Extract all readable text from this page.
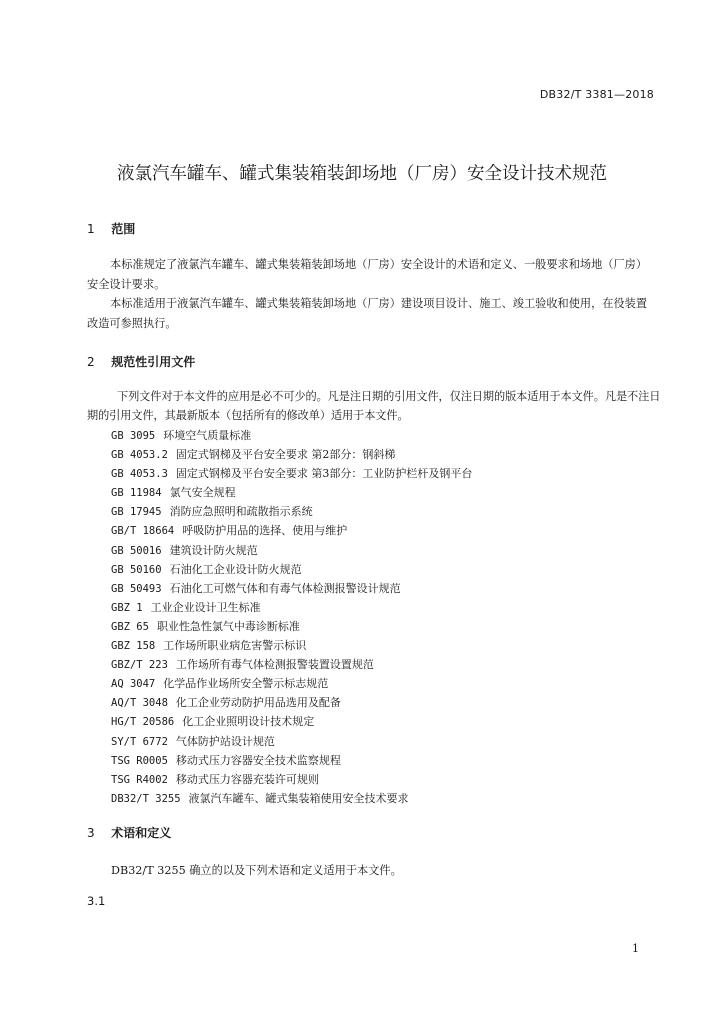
DB32/T 3381—2018
液氯汽车罐车、罐式集装箱装卸场地（厂房）安全设计技术规范
1 范围
本标准规定了液氯汽车罐车、罐式集装箱装卸场地（厂房）安全设计的术语和定义、一般要求和场地（厂房）安全设计要求。
本标准适用于液氯汽车罐车、罐式集装箱装卸场地（厂房）建设项目设计、施工、竣工验收和使用，在役装置改造可参照执行。
2 规范性引用文件
下列文件对于本文件的应用是必不可少的。凡是注日期的引用文件，仅注日期的版本适用于本文件。凡是不注日期的引用文件，其最新版本（包括所有的修改单）适用于本文件。
GB 3095 环境空气质量标准
GB 4053.2 固定式钢梯及平台安全要求 第2部分：钢斜梯
GB 4053.3 固定式钢梯及平台安全要求 第3部分：工业防护栏杆及钢平台
GB 11984 氯气安全规程
GB 17945 消防应急照明和疏散指示系统
GB/T 18664 呼吸防护用品的选择、使用与维护
GB 50016 建筑设计防火规范
GB 50160 石油化工企业设计防火规范
GB 50493 石油化工可燃气体和有毒气体检测报警设计规范
GBZ 1 工业企业设计卫生标准
GBZ 65 职业性急性氯气中毒诊断标准
GBZ 158 工作场所职业病危害警示标识
GBZ/T 223 工作场所有毒气体检测报警装置设置规范
AQ 3047 化学品作业场所安全警示标志规范
AQ/T 3048 化工企业劳动防护用品选用及配备
HG/T 20586 化工企业照明设计技术规定
SY/T 6772 气体防护站设计规范
TSG R0005 移动式压力容器安全技术监察规程
TSG R4002 移动式压力容器充装许可规则
DB32/T 3255 液氯汽车罐车、罐式集装箱使用安全技术要求
3 术语和定义
DB32/T 3255 确立的以及下列术语和定义适用于本文件。
3.1
1
